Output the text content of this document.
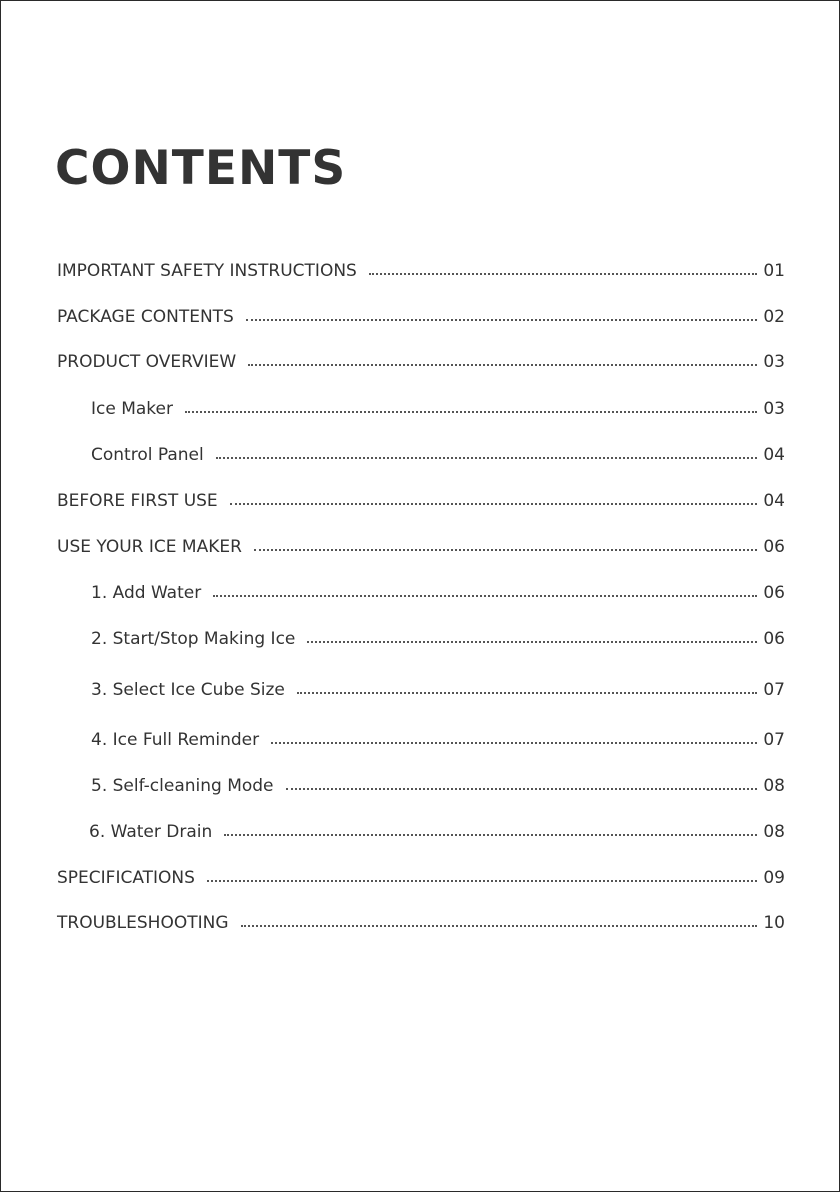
CONTENTS
IMPORTANT SAFETY INSTRUCTIONS	01
PACKAGE CONTENTS	02
PRODUCT OVERVIEW	03
Ice Maker	03
Control Panel	04
BEFORE FIRST USE	04
USE YOUR ICE MAKER	06
1. Add Water	06
2. Start/Stop Making Ice	06
3. Select Ice Cube Size	07
4. Ice Full Reminder	07
5. Self-cleaning Mode	08
6. Water Drain	08
SPECIFICATIONS	09
TROUBLESHOOTING	10
